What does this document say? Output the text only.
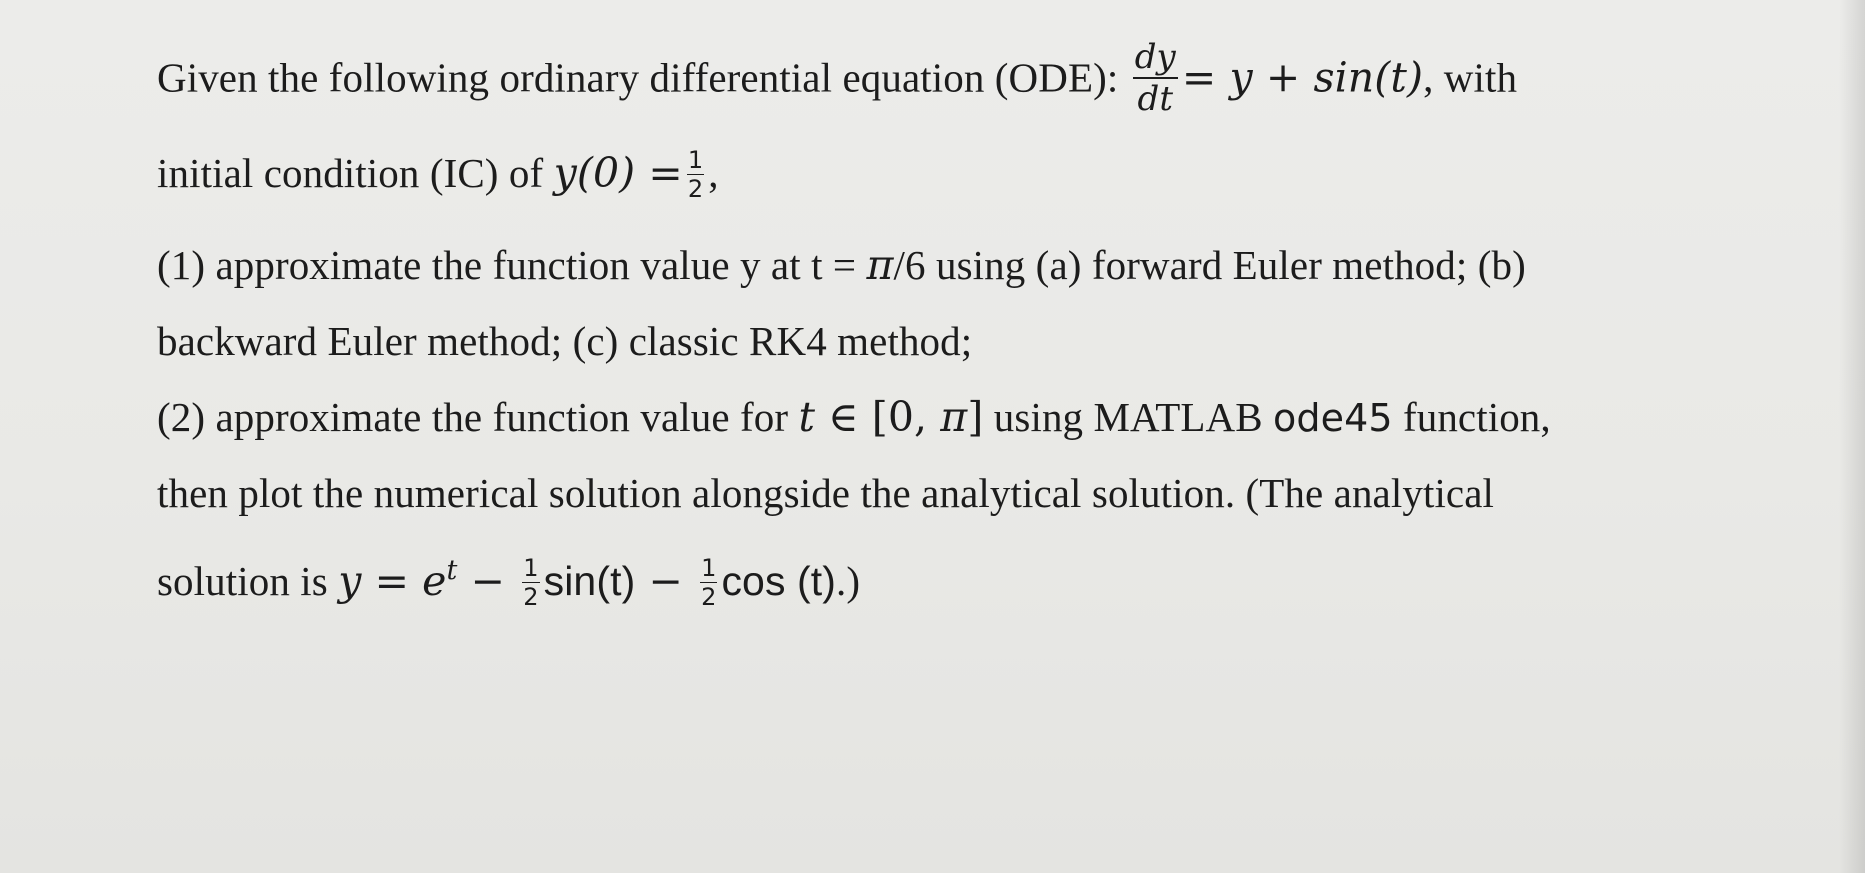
Given the following ordinary differential equation (ODE): $\frac{dy}{dt} = y + \sin(t)$, with
initial condition (IC) of $y(0) = \frac{1}{2}$ ,
(1) approximate the function value y at t = π/6 using (a) forward Euler method; (b)
backward Euler method; (c) classic RK4 method;
(2) approximate the function value for t ∈ [0, π] using MATLAB ode45 function,
then plot the numerical solution alongside the analytical solution. (The analytical
solution is $y = e^t - \frac{1}{2} \sin(t) - \frac{1}{2}$ cos (t).)
